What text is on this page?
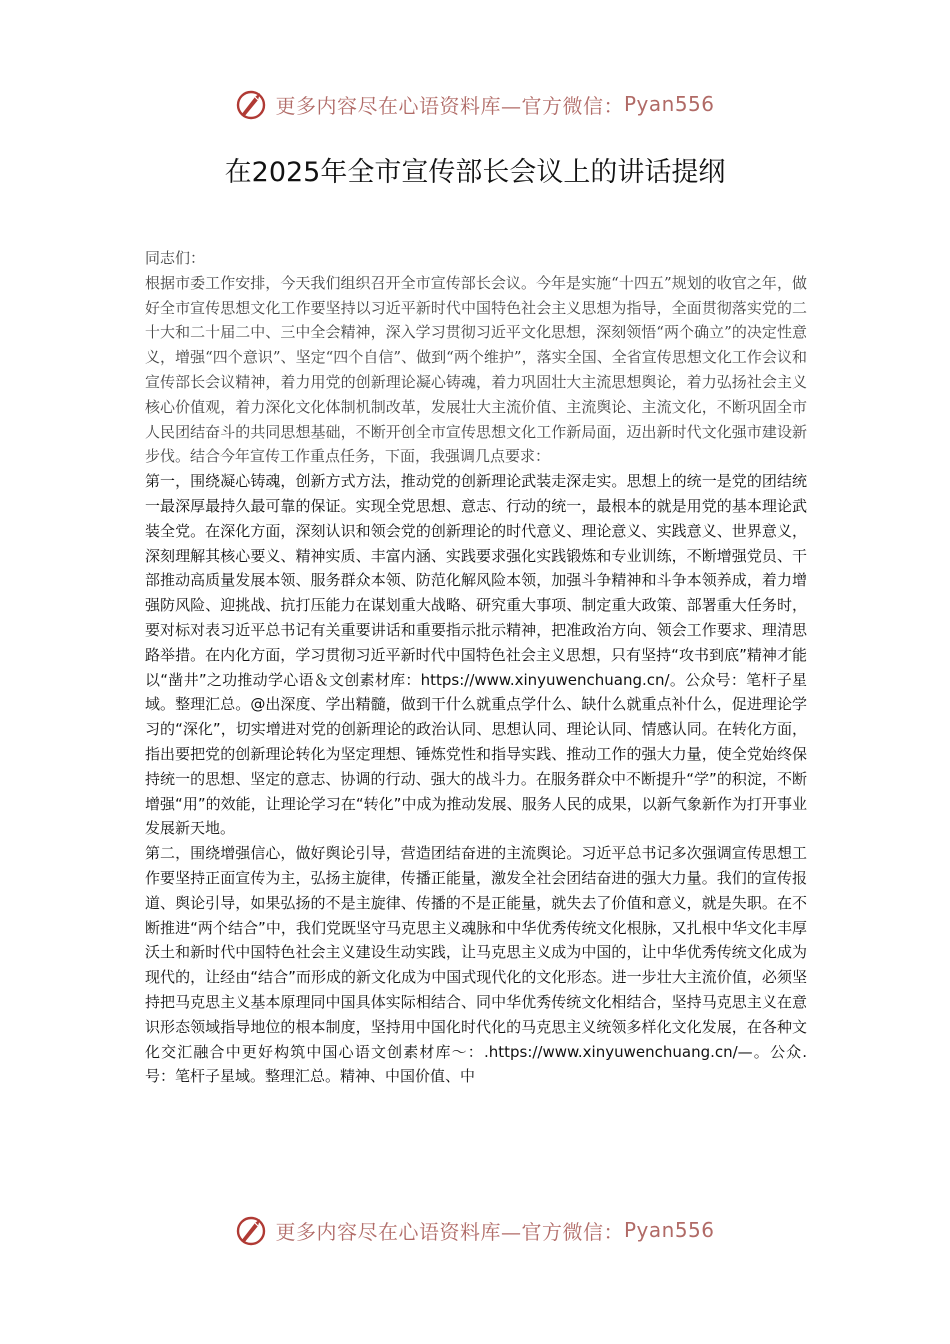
更多内容尽在心语资料库—官方微信： Pyan556
在2025年全市宣传部长会议上的讲话提纲

同志们：

根据市委工作安排，今天我们组织召开全市宣传部长会议。今年是实施“十四五”规划的收官之年，做好全市宣传思想文化工作要坚持以习近平新时代中国特色社会主义思想为指导，全面贯彻落实党的二十大和二十届二中、三中全会精神，深入学习贯彻习近平文化思想，深刻领悟“两个确立”的决定性意义，增强“四个意识”、坚定“四个自信”、做到“两个维护”，落实全国、全省宣传思想文化工作会议和宣传部长会议精神，着力用党的创新理论凝心铸魂，着力巩固壮大主流思想舆论，着力弘扬社会主义核心价值观，着力深化文化体制机制改革，发展壮大主流价值、主流舆论、主流文化，不断巩固全市人民团结奋斗的共同思想基础，不断开创全市宣传思想文化工作新局面，迈出新时代文化强市建设新步伐。结合今年宣传工作重点任务，下面，我强调几点要求：

第一，围绕凝心铸魂，创新方式方法，推动党的创新理论武装走深走实。思想上的统一是党的团结统一最深厚最持久最可靠的保证。实现全党思想、意志、行动的统一，最根本的就是用党的基本理论武装全党。在深化方面，深刻认识和领会党的创新理论的时代意义、理论意义、实践意义、世界意义，深刻理解其核心要义、精神实质、丰富内涵、实践要求强化实践锻炼和专业训练，不断增强党员、干部推动高质量发展本领、服务群众本领、防范化解风险本领，加强斗争精神和斗争本领养成，着力增强防风险、迎挑战、抗打压能力在谋划重大战略、研究重大事项、制定重大政策、部署重大任务时，要对标对表习近平总书记有关重要讲话和重要指示批示精神，把准政治方向、领会工作要求、理清思路举措。在内化方面，学习贯彻习近平新时代中国特色社会主义思想，只有坚持“攻书到底”精神才能以“凿井”之功推动学心语＆文创素材库：https://www.xinyuwenchuang.cn/。公众号：笔杆子星域。整理汇总。@出深度、学出精髓，做到干什么就重点学什么、缺什么就重点补什么，促进理论学习的“深化”，切实增进对党的创新理论的政治认同、思想认同、理论认同、情感认同。在转化方面，指出要把党的创新理论转化为坚定理想、锤炼党性和指导实践、推动工作的强大力量，使全党始终保持统一的思想、坚定的意志、协调的行动、强大的战斗力。在服务群众中不断提升“学”的积淀，不断增强“用”的效能，让理论学习在“转化”中成为推动发展、服务人民的成果，以新气象新作为打开事业发展新天地。

第二，围绕增强信心，做好舆论引导，营造团结奋进的主流舆论。习近平总书记多次强调宣传思想工作要坚持正面宣传为主，弘扬主旋律，传播正能量，激发全社会团结奋进的强大力量。我们的宣传报道、舆论引导，如果弘扬的不是主旋律、传播的不是正能量，就失去了价值和意义，就是失职。在不断推进“两个结合”中，我们党既坚守马克思主义魂脉和中华优秀传统文化根脉，又扎根中华文化丰厚沃土和新时代中国特色社会主义建设生动实践，让马克思主义成为中国的，让中华优秀传统文化成为现代的，让经由“结合”而形成的新文化成为中国式现代化的文化形态。进一步壮大主流价值，必须坚持把马克思主义基本原理同中国具体实际相结合、同中华优秀传统文化相结合，坚持马克思主义在意识形态领域指导地位的根本制度，坚持用中国化时代化的马克思主义统领多样化文化发展，在各种文化交汇融合中更好构筑中国心语文创素材库～：.https://www.xinyuwenchuang.cn/—。公众.号：笔杆子星域。整理汇总。精神、中国价值、中

更多内容尽在心语资料库—官方微信： Pyan556
